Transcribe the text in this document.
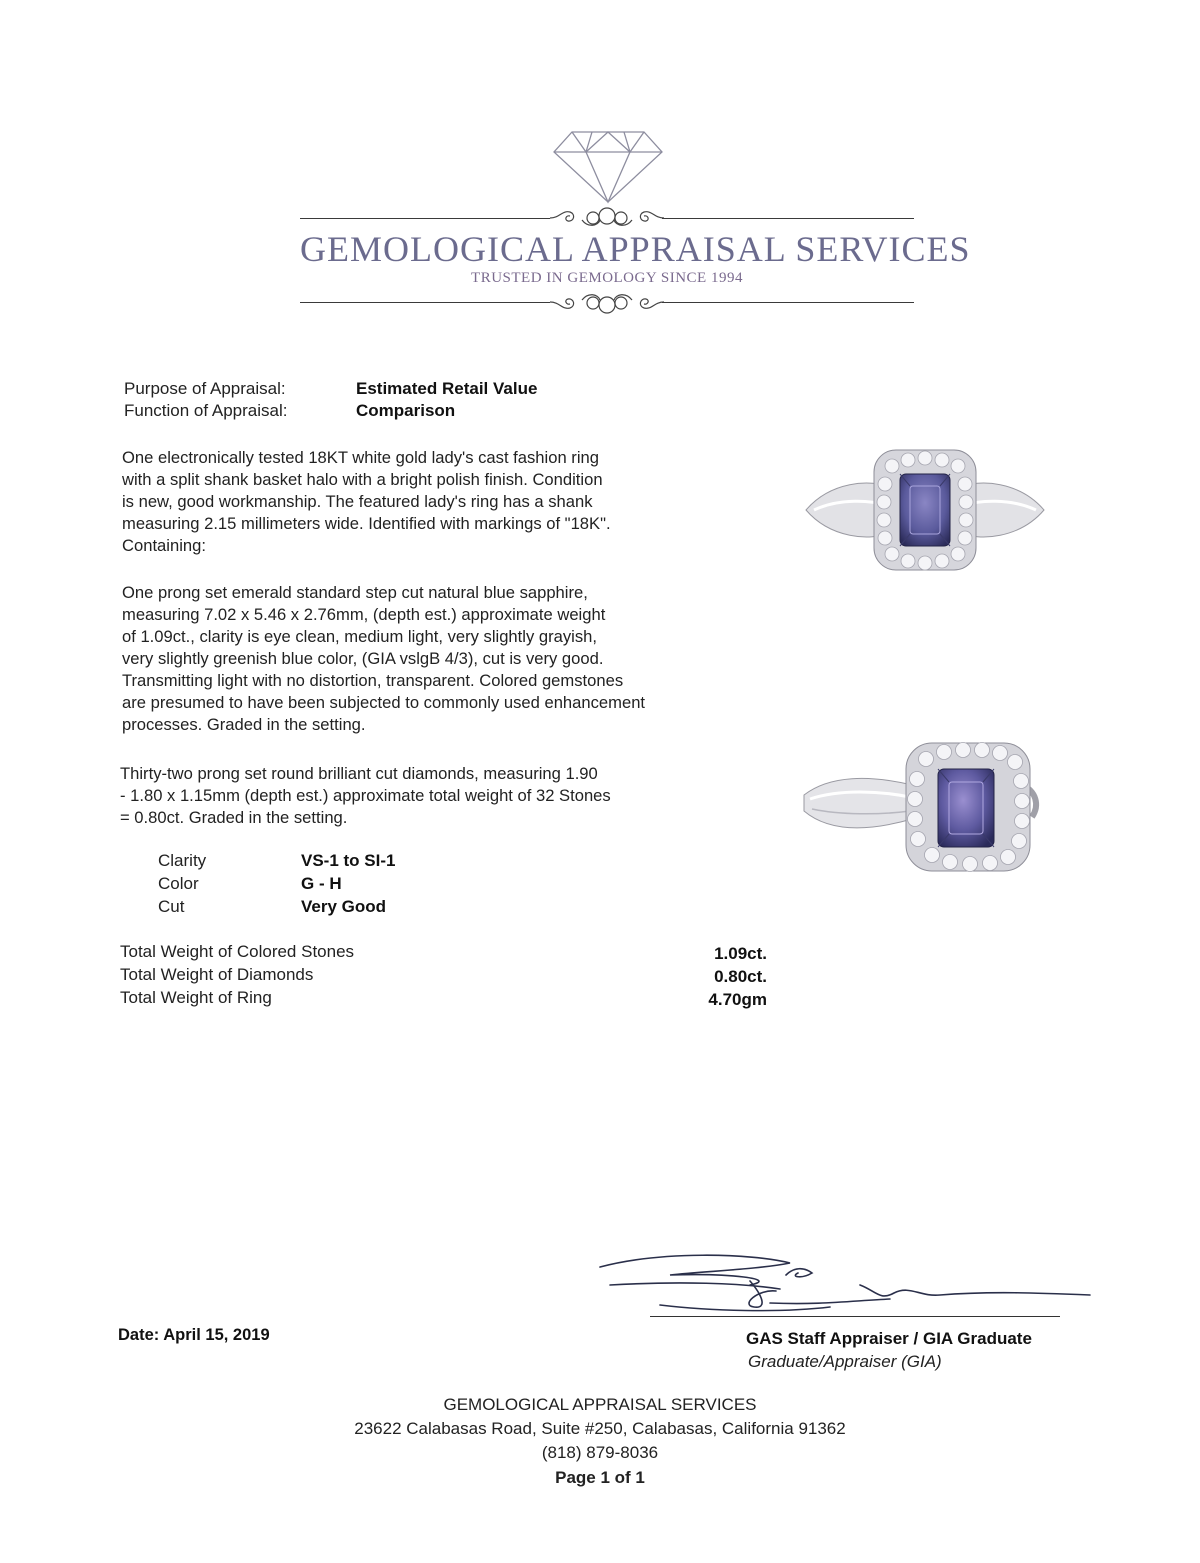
GEMOLOGICAL APPRAISAL SERVICES
TRUSTED IN GEMOLOGY SINCE 1994
Purpose of Appraisal:	Estimated Retail Value
Function of Appraisal:	Comparison
One electronically tested 18KT white gold lady's cast fashion ring
with a split shank basket halo with a bright polish finish. Condition
is new, good workmanship. The featured lady's ring has a shank
measuring 2.15 millimeters wide. Identified with markings of "18K".
Containing:
One prong set emerald standard step cut natural blue sapphire,
measuring 7.02 x 5.46 x 2.76mm, (depth est.) approximate weight
of 1.09ct., clarity is eye clean, medium light, very slightly grayish,
very slightly greenish blue color, (GIA vslgB 4/3), cut is very good.
Transmitting light with no distortion, transparent. Colored gemstones
are presumed to have been subjected to commonly used enhancement
processes. Graded in the setting.
Thirty-two prong set round brilliant cut diamonds, measuring 1.90
- 1.80 x 1.15mm (depth est.) approximate total weight of 32 Stones
= 0.80ct. Graded in the setting.
Clarity	VS-1 to SI-1
Color	G - H
Cut	Very Good
Total Weight of Colored Stones	1.09ct.
Total Weight of Diamonds	0.80ct.
Total Weight of Ring	4.70gm
Date: April 15, 2019	GAS Staff Appraiser / GIA Graduate
Graduate/Appraiser (GIA)
GEMOLOGICAL APPRAISAL SERVICES
23622 Calabasas Road, Suite #250, Calabasas, California 91362
(818) 879-8036
Page 1 of 1
